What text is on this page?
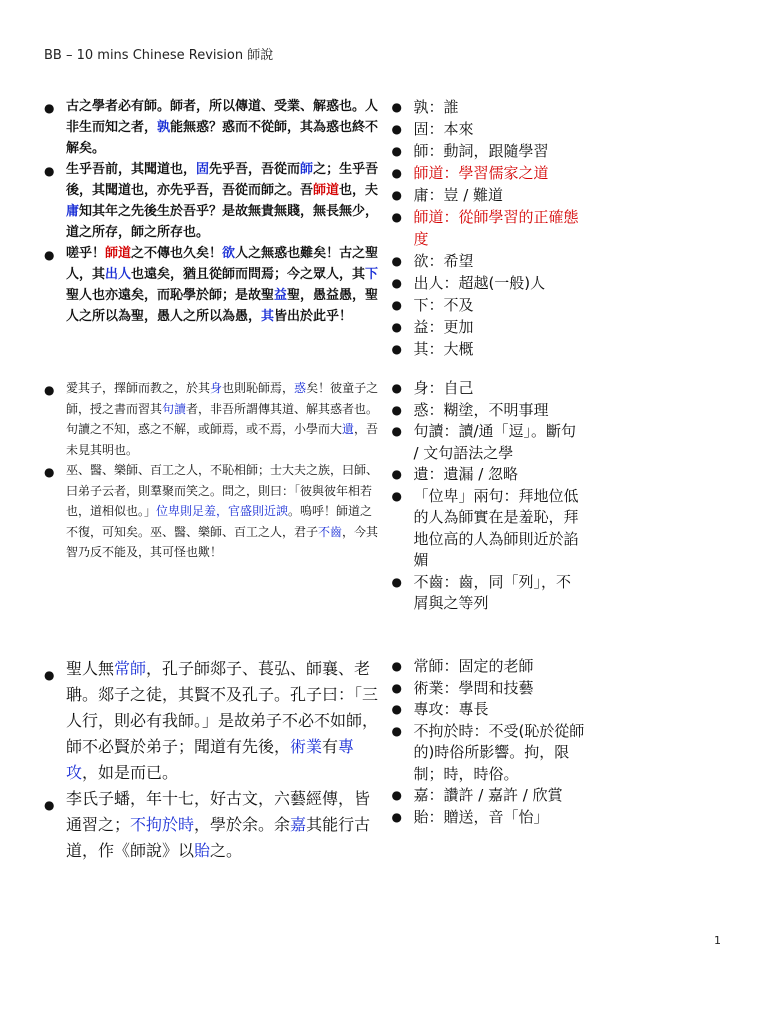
BB – 10 mins Chinese Revision 師說
● 古之學者必有師。師者，所以傳道、受業、解惑也。人非生而知之者，孰能無惑？惑而不從師，其為惑也終不解矣。
● 生乎吾前，其聞道也，固先乎吾，吾從而師之；生乎吾後，其聞道也，亦先乎吾，吾從而師之。吾師道也，夫庸知其年之先後生於吾乎？是故無貴無賤，無長無少，道之所存，師之所存也。
● 嗟乎！師道之不傳也久矣！欲人之無惑也難矣！古之聖人，其出人也遠矣，猶且從師而問焉；今之眾人，其下聖人也亦遠矣，而恥學於師；是故聖益聖，愚益愚，聖人之所以為聖，愚人之所以為愚，其皆出於此乎！
● 孰：誰
● 固：本來
● 師：動詞，跟隨學習
● 師道：學習儒家之道
● 庸：豈 / 難道
● 師道：從師學習的正確態度
● 欲：希望
● 出人：超越(一般)人
● 下：不及
● 益：更加
● 其：大概
● 愛其子，擇師而教之，於其身也則恥師焉，惑矣！彼童子之師，授之書而習其句讀者，非吾所謂傳其道、解其惑者也。句讀之不知，惑之不解，或師焉，或不焉，小學而大遺，吾未見其明也。
● 巫、醫、樂師、百工之人，不恥相師；士大夫之族，曰師、曰弟子云者，則羣聚而笑之。問之，則曰：「彼與彼年相若也，道相似也。」位卑則足羞，官盛則近諛。嗚呼！師道之不復，可知矣。巫、醫、樂師、百工之人，君子不齒，今其智乃反不能及，其可怪也歟！
● 身：自己
● 惑：糊塗，不明事理
● 句讀：讀/通「逗」。斷句 / 文句語法之學
● 遺：遺漏 / 忽略
● 「位卑」兩句：拜地位低的人為師實在是羞恥，拜地位高的人為師則近於諂媚
● 不齒：齒，同「列」，不屑與之等列
● 聖人無常師，孔子師郯子、萇弘、師襄、老聃。郯子之徒，其賢不及孔子。孔子曰：「三人行，則必有我師。」是故弟子不必不如師，師不必賢於弟子；聞道有先後，術業有專攻，如是而已。
● 李氏子蟠，年十七，好古文，六藝經傳，皆通習之；不拘於時，學於余。余嘉其能行古道，作《師說》以貽之。
● 常師：固定的老師
● 術業：學問和技藝
● 專攻：專長
● 不拘於時：不受(恥於從師的)時俗所影響。拘，限制；時，時俗。
● 嘉：讚許 / 嘉許 / 欣賞
● 貽：贈送，音「怡」
1
